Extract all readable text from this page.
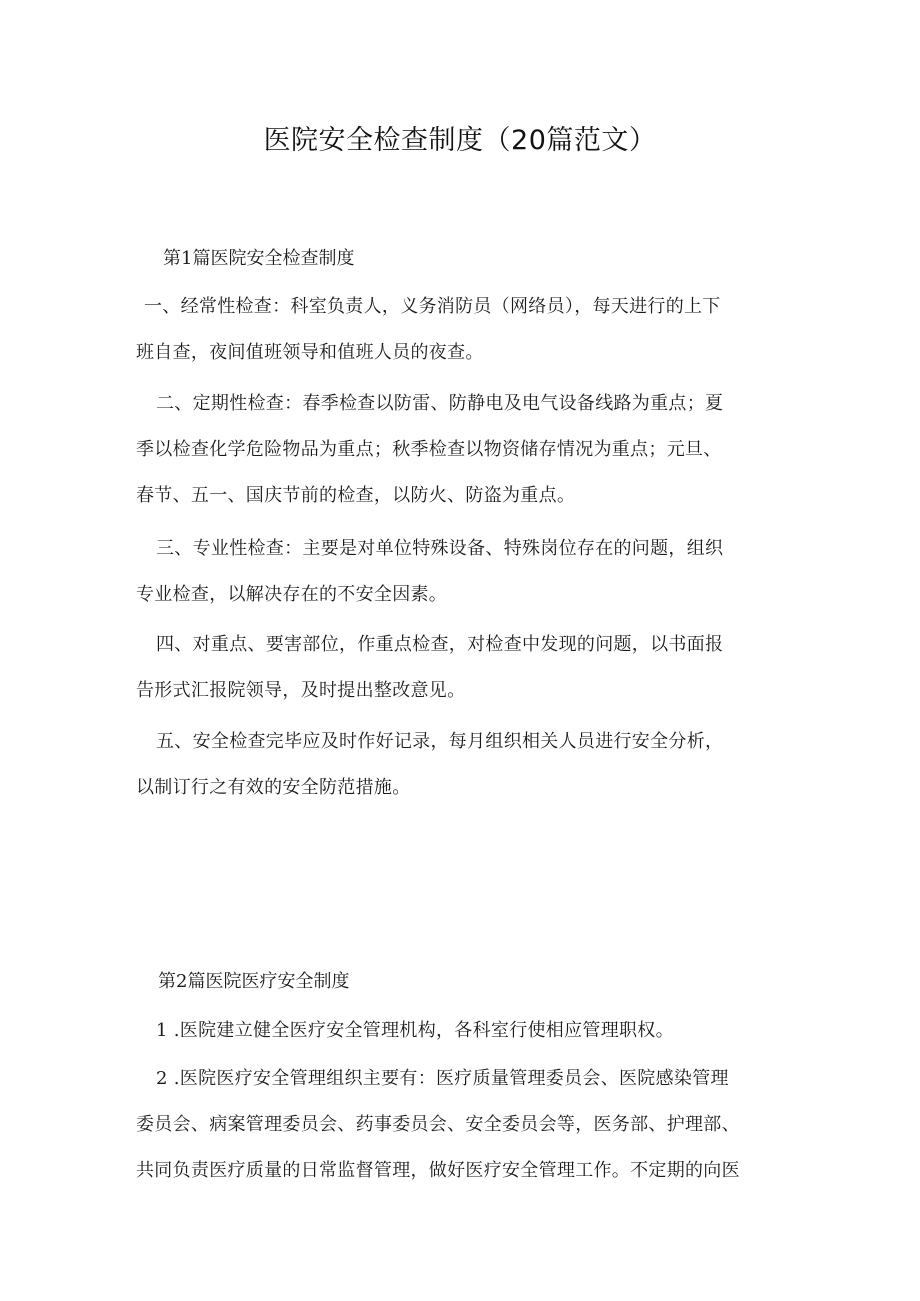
医院安全检查制度（20篇范文）
第1篇医院安全检查制度
一、经常性检查：科室负责人，义务消防员（网络员），每天进行的上下
班自查，夜间值班领导和值班人员的夜查。
二、定期性检查：春季检查以防雷、防静电及电气设备线路为重点；夏
季以检查化学危险物品为重点；秋季检查以物资储存情况为重点；元旦、
春节、五一、国庆节前的检查，以防火、防盗为重点。
三、专业性检查：主要是对单位特殊设备、特殊岗位存在的问题，组织
专业检查，以解决存在的不安全因素。
四、对重点、要害部位，作重点检查，对检查中发现的问题，以书面报
告形式汇报院领导，及时提出整改意见。
五、安全检查完毕应及时作好记录，每月组织相关人员进行安全分析，
以制订行之有效的安全防范措施。
第2篇医院医疗安全制度
1 .医院建立健全医疗安全管理机构，各科室行使相应管理职权。
2 .医院医疗安全管理组织主要有：医疗质量管理委员会、医院感染管理
委员会、病案管理委员会、药事委员会、安全委员会等，医务部、护理部、
共同负责医疗质量的日常监督管理，做好医疗安全管理工作。不定期的向医
